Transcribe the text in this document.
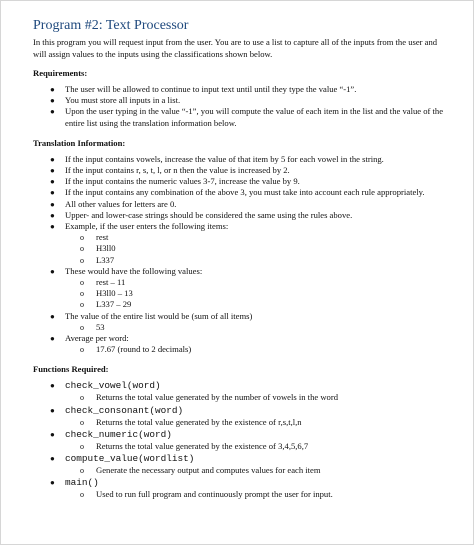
Program #2: Text Processor
In this program you will request input from the user. You are to use a list to capture all of the inputs from the user and will assign values to the inputs using the classifications shown below.
Requirements:
● The user will be allowed to continue to input text until until they type the value “-1”.
● You must store all inputs in a list.
● Upon the user typing in the value “-1”, you will compute the value of each item in the list and the value of the entire list using the translation information below.
Translation Information:
● If the input contains vowels, increase the value of that item by 5 for each vowel in the string.
● If the input contains r, s, t, l, or n then the value is increased by 2.
● If the input contains the numeric values 3-7, increase the value by 9.
● If the input contains any combination of the above 3, you must take into account each rule appropriately.
● All other values for letters are 0.
● Upper- and lower-case strings should be considered the same using the rules above.
● Example, if the user enters the following items:
o rest
o H3ll0
o L337
● These would have the following values:
o rest – 11
o H3ll0 – 13
o L337 – 29
● The value of the entire list would be (sum of all items)
o 53
● Average per word:
o 17.67 (round to 2 decimals)
Functions Required:
● check_vowel(word)
o Returns the total value generated by the number of vowels in the word
● check_consonant(word)
o Returns the total value generated by the existence of r,s,t,l,n
● check_numeric(word)
o Returns the total value generated by the existence of 3,4,5,6,7
● compute_value(wordlist)
o Generate the necessary output and computes values for each item
● main()
o Used to run full program and continuously prompt the user for input.
